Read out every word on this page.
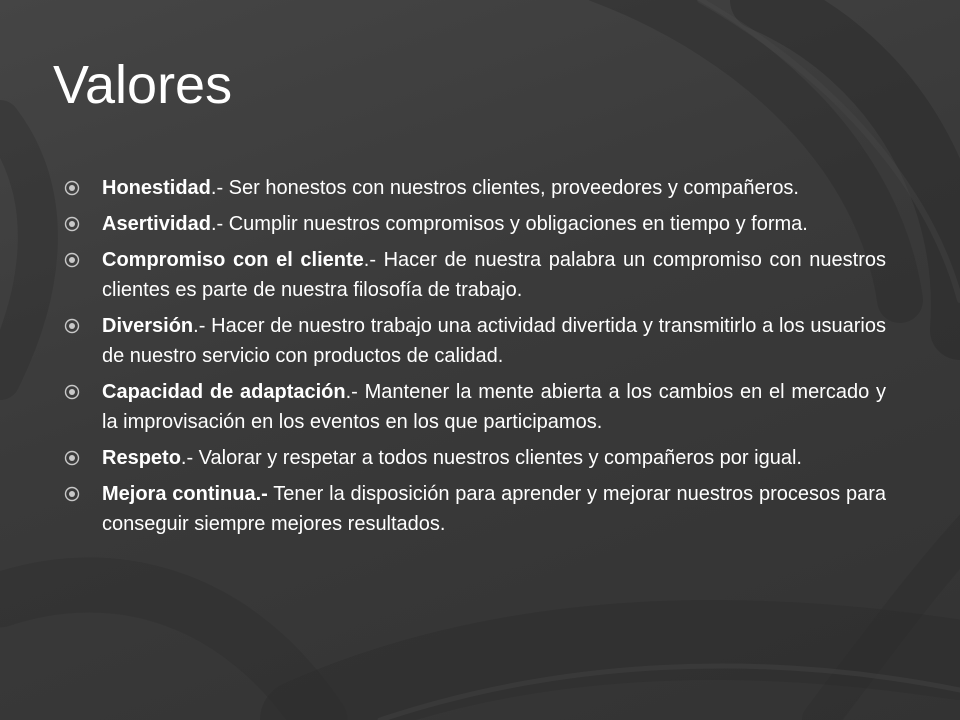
Valores
Honestidad.- Ser honestos con nuestros clientes, proveedores y compañeros.
Asertividad.- Cumplir nuestros compromisos y obligaciones en tiempo y forma.
Compromiso con el cliente.- Hacer de nuestra palabra un compromiso con nuestros clientes es parte de nuestra filosofía de trabajo.
Diversión.- Hacer de nuestro trabajo una actividad divertida y transmitirlo a los usuarios de nuestro servicio con productos de calidad.
Capacidad de adaptación.- Mantener la mente abierta a los cambios en el mercado y la improvisación en los eventos en los que participamos.
Respeto.- Valorar y respetar a todos nuestros clientes y compañeros por igual.
Mejora continua.- Tener la disposición para aprender y mejorar nuestros procesos para conseguir siempre mejores resultados.
